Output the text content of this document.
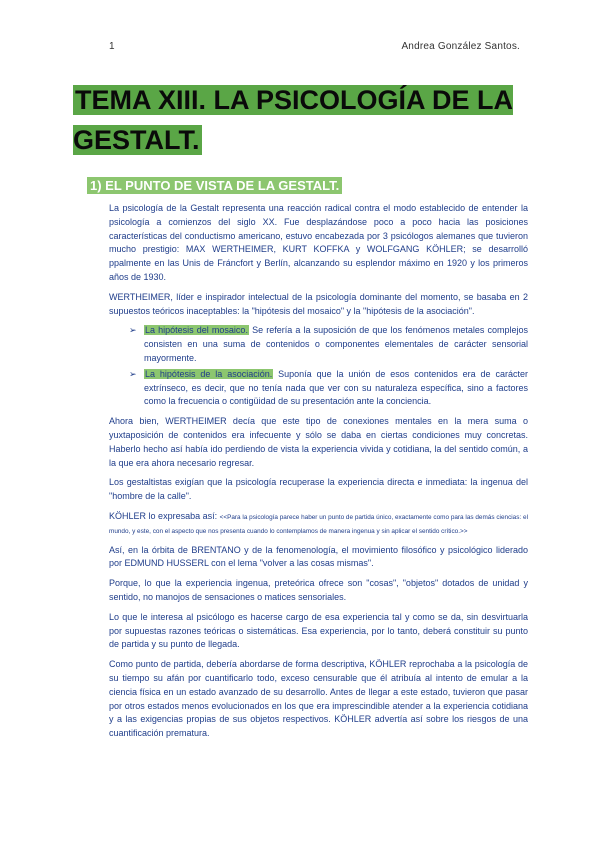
1	Andrea González Santos.
TEMA XIII. LA PSICOLOGÍA DE LA GESTALT.
1) EL PUNTO DE VISTA DE LA GESTALT.

La psicología de la Gestalt representa una reacción radical contra el modo establecido de entender la psicología a comienzos del siglo XX. Fue desplazándose poco a poco hacia las posiciones características del conductismo americano, estuvo encabezada por 3 psicólogos alemanes que tuvieron mucho prestigio: MAX WERTHEIMER, KURT KOFFKA y WOLFGANG KÖHLER; se desarrolló ppalmente en las Unis de Fráncfort y Berlín, alcanzando su esplendor máximo en 1920 y los primeros años de 1930.

WERTHEIMER, líder e inspirador intelectual de la psicología dominante del momento, se basaba en 2 supuestos teóricos inaceptables: la "hipótesis del mosaico" y la "hipótesis de la asociación".

➢ La hipótesis del mosaico. Se refería a la suposición de que los fenómenos metales complejos consisten en una suma de contenidos o componentes elementales de carácter sensorial mayormente.
➢ La hipótesis de la asociación. Suponía que la unión de esos contenidos era de carácter extrínseco, es decir, que no tenía nada que ver con su naturaleza específica, sino a factores como la frecuencia o contigüidad de su presentación ante la conciencia.

Ahora bien, WERTHEIMER decía que este tipo de conexiones mentales en la mera suma o yuxtaposición de contenidos era infecuente y sólo se daba en ciertas condiciones muy concretas. Haberlo hecho así había ido perdiendo de vista la experiencia vivida y cotidiana, la del sentido común, a la que era ahora necesario regresar.

Los gestaltistas exigían que la psicología recuperase la experiencia directa e inmediata: la ingenua del "hombre de la calle".

KÖHLER lo expresaba así: <<Para la psicología parece haber un punto de partida único, exactamente como para las demás ciencias: el mundo, y este, con el aspecto que nos presenta cuando lo contemplamos de manera ingenua y sin aplicar el sentido crítico.>>

Así, en la órbita de BRENTANO y de la fenomenología, el movimiento filosófico y psicológico liderado por EDMUND HUSSERL con el lema "volver a las cosas mismas".

Porque, lo que la experiencia ingenua, preteórica ofrece son "cosas", "objetos" dotados de unidad y sentido, no manojos de sensaciones o matices sensoriales.

Lo que le interesa al psicólogo es hacerse cargo de esa experiencia tal y como se da, sin desvirtuarla por supuestas razones teóricas o sistemáticas. Esa experiencia, por lo tanto, deberá constituir su punto de partida y su punto de llegada.

Como punto de partida, debería abordarse de forma descriptiva, KÖHLER reprochaba a la psicología de su tiempo su afán por cuantificarlo todo, exceso censurable que él atribuía al intento de emular a la ciencia física en un estado avanzado de su desarrollo. Antes de llegar a este estado, tuvieron que pasar por otros estados menos evolucionados en los que era imprescindible atender a la experiencia cotidiana y a las exigencias propias de sus objetos respectivos. KÖHLER advertía así sobre los riesgos de una cuantificación prematura.
